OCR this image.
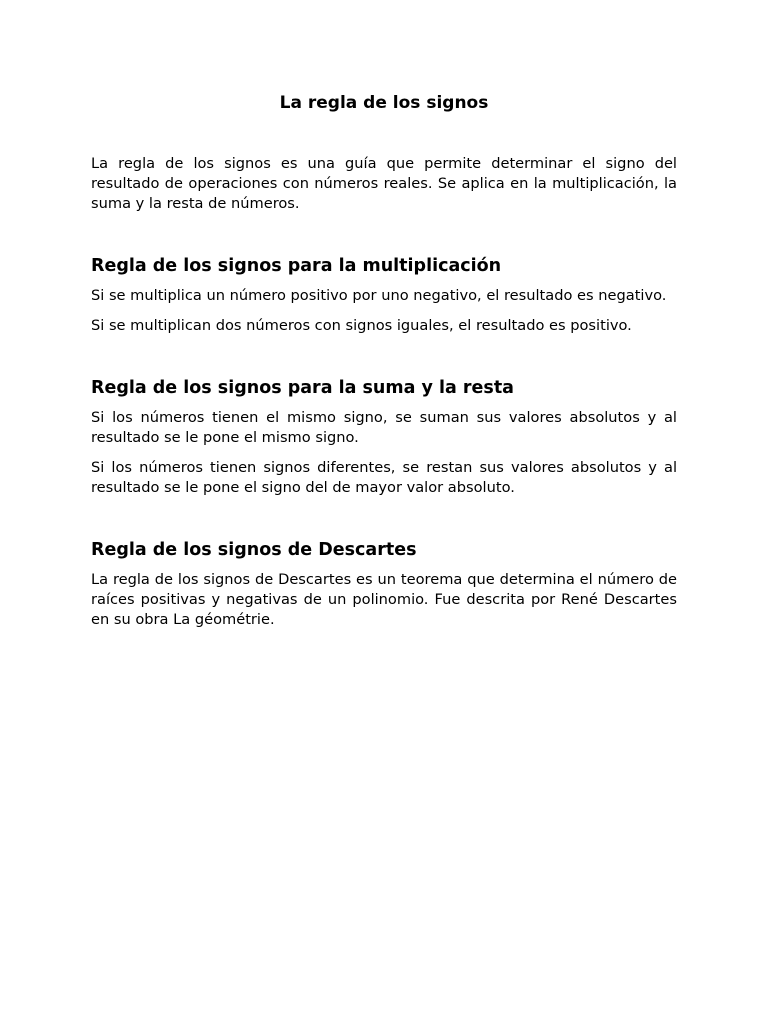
La regla de los signos

La regla de los signos es una guía que permite determinar el signo del resultado de operaciones con números reales. Se aplica en la multiplicación, la suma y la resta de números.

Regla de los signos para la multiplicación

Si se multiplica un número positivo por uno negativo, el resultado es negativo.

Si se multiplican dos números con signos iguales, el resultado es positivo.

Regla de los signos para la suma y la resta

Si los números tienen el mismo signo, se suman sus valores absolutos y al resultado se le pone el mismo signo.

Si los números tienen signos diferentes, se restan sus valores absolutos y al resultado se le pone el signo del de mayor valor absoluto.

Regla de los signos de Descartes

La regla de los signos de Descartes es un teorema que determina el número de raíces positivas y negativas de un polinomio. Fue descrita por René Descartes en su obra La géométrie.
